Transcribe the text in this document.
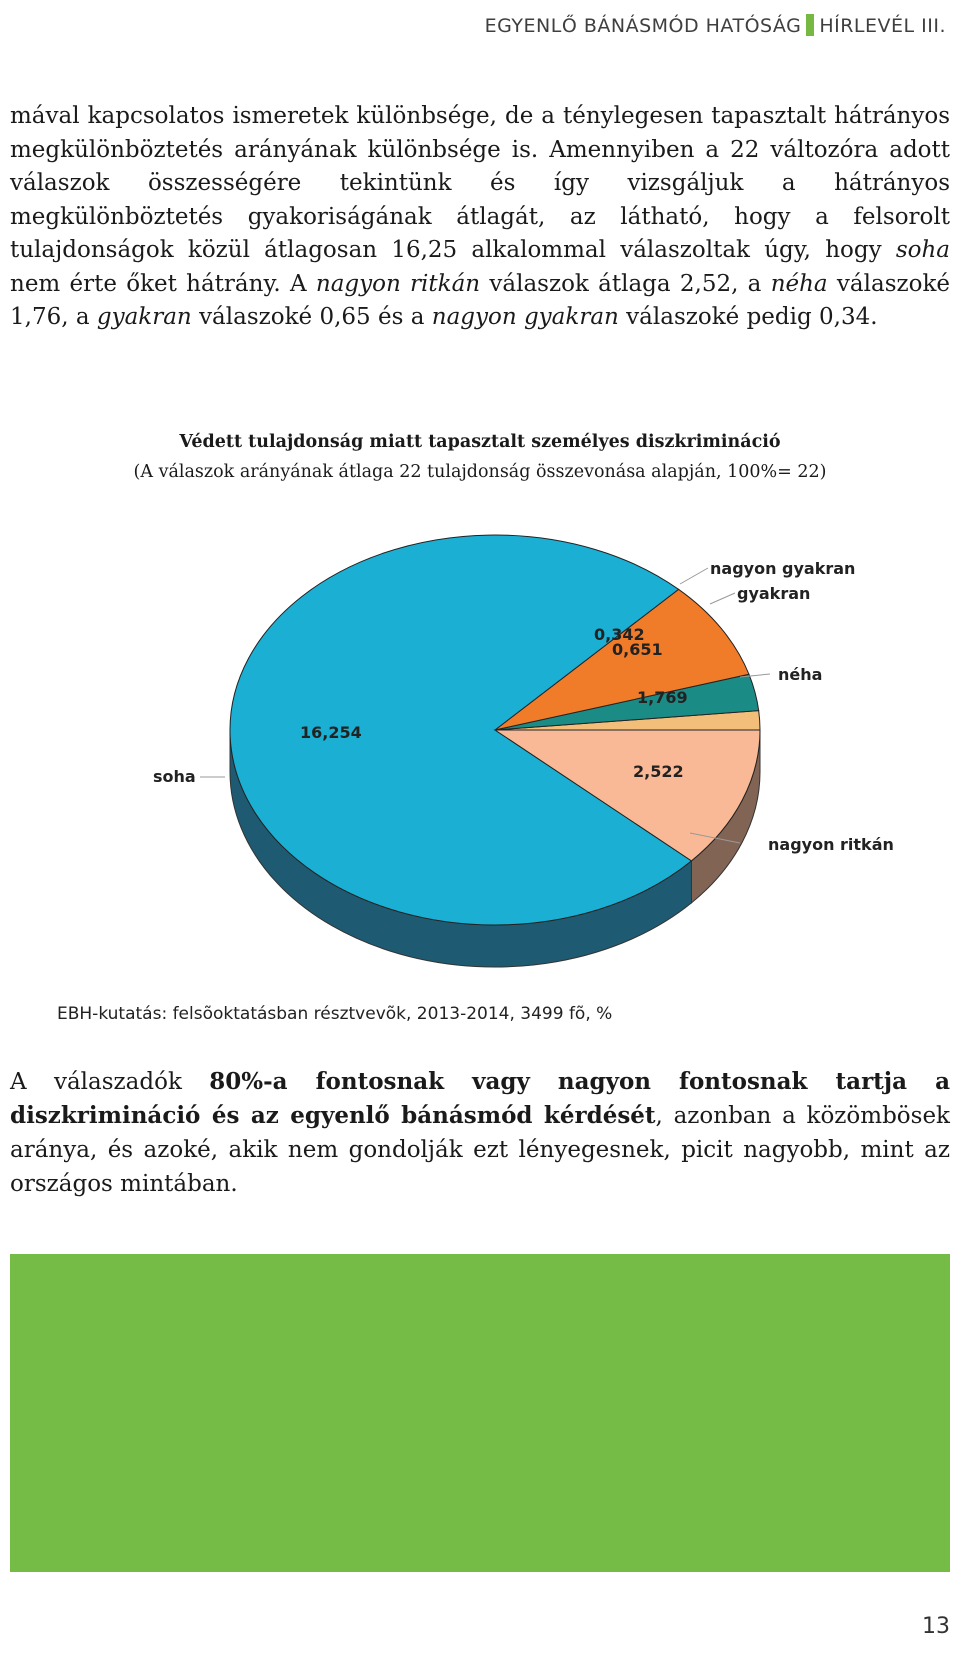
EGYENLŐ BÁNÁSMÓD HATÓSÁG HÍRLEVÉL III.

mával kapcsolatos ismeretek különbsége, de a ténylegesen tapasztalt hátrányos megkülönböztetés arányának különbsége is. Amennyiben a 22 változóra adott válaszok összességére tekintünk és így vizsgáljuk a hátrányos megkülönböztetés gyakoriságának átlagát, az látható, hogy a felsorolt tulajdonságok közül átlagosan 16,25 alkalommal válaszoltak úgy, hogy soha nem érte őket hátrány. A nagyon ritkán válaszok átlaga 2,52, a néha válaszoké 1,76, a gyakran válaszoké 0,65 és a nagyon gyakran válaszoké pedig 0,34.

Védett tulajdonság miatt tapasztalt személyes diszkrimináció

(A válaszok arányának átlaga 22 tulajdonság összevonása alapján, 100%= 22)

16,254
soha	2,522
nagyon ritkán
1,769
néha
0,651
gyakran
0,342
nagyon gyakran
EBH-kutatás: felsõoktatásban résztvevõk, 2013-2014, 3499 fõ, %

A válaszadók 80%-a fontosnak vagy nagyon fontosnak tartja a diszkrimináció és az egyenlő bánásmód kérdését, azonban a közömbösek aránya, és azoké, akik nem gondolják ezt lényegesnek, picit nagyobb, mint az országos mintában.

13
